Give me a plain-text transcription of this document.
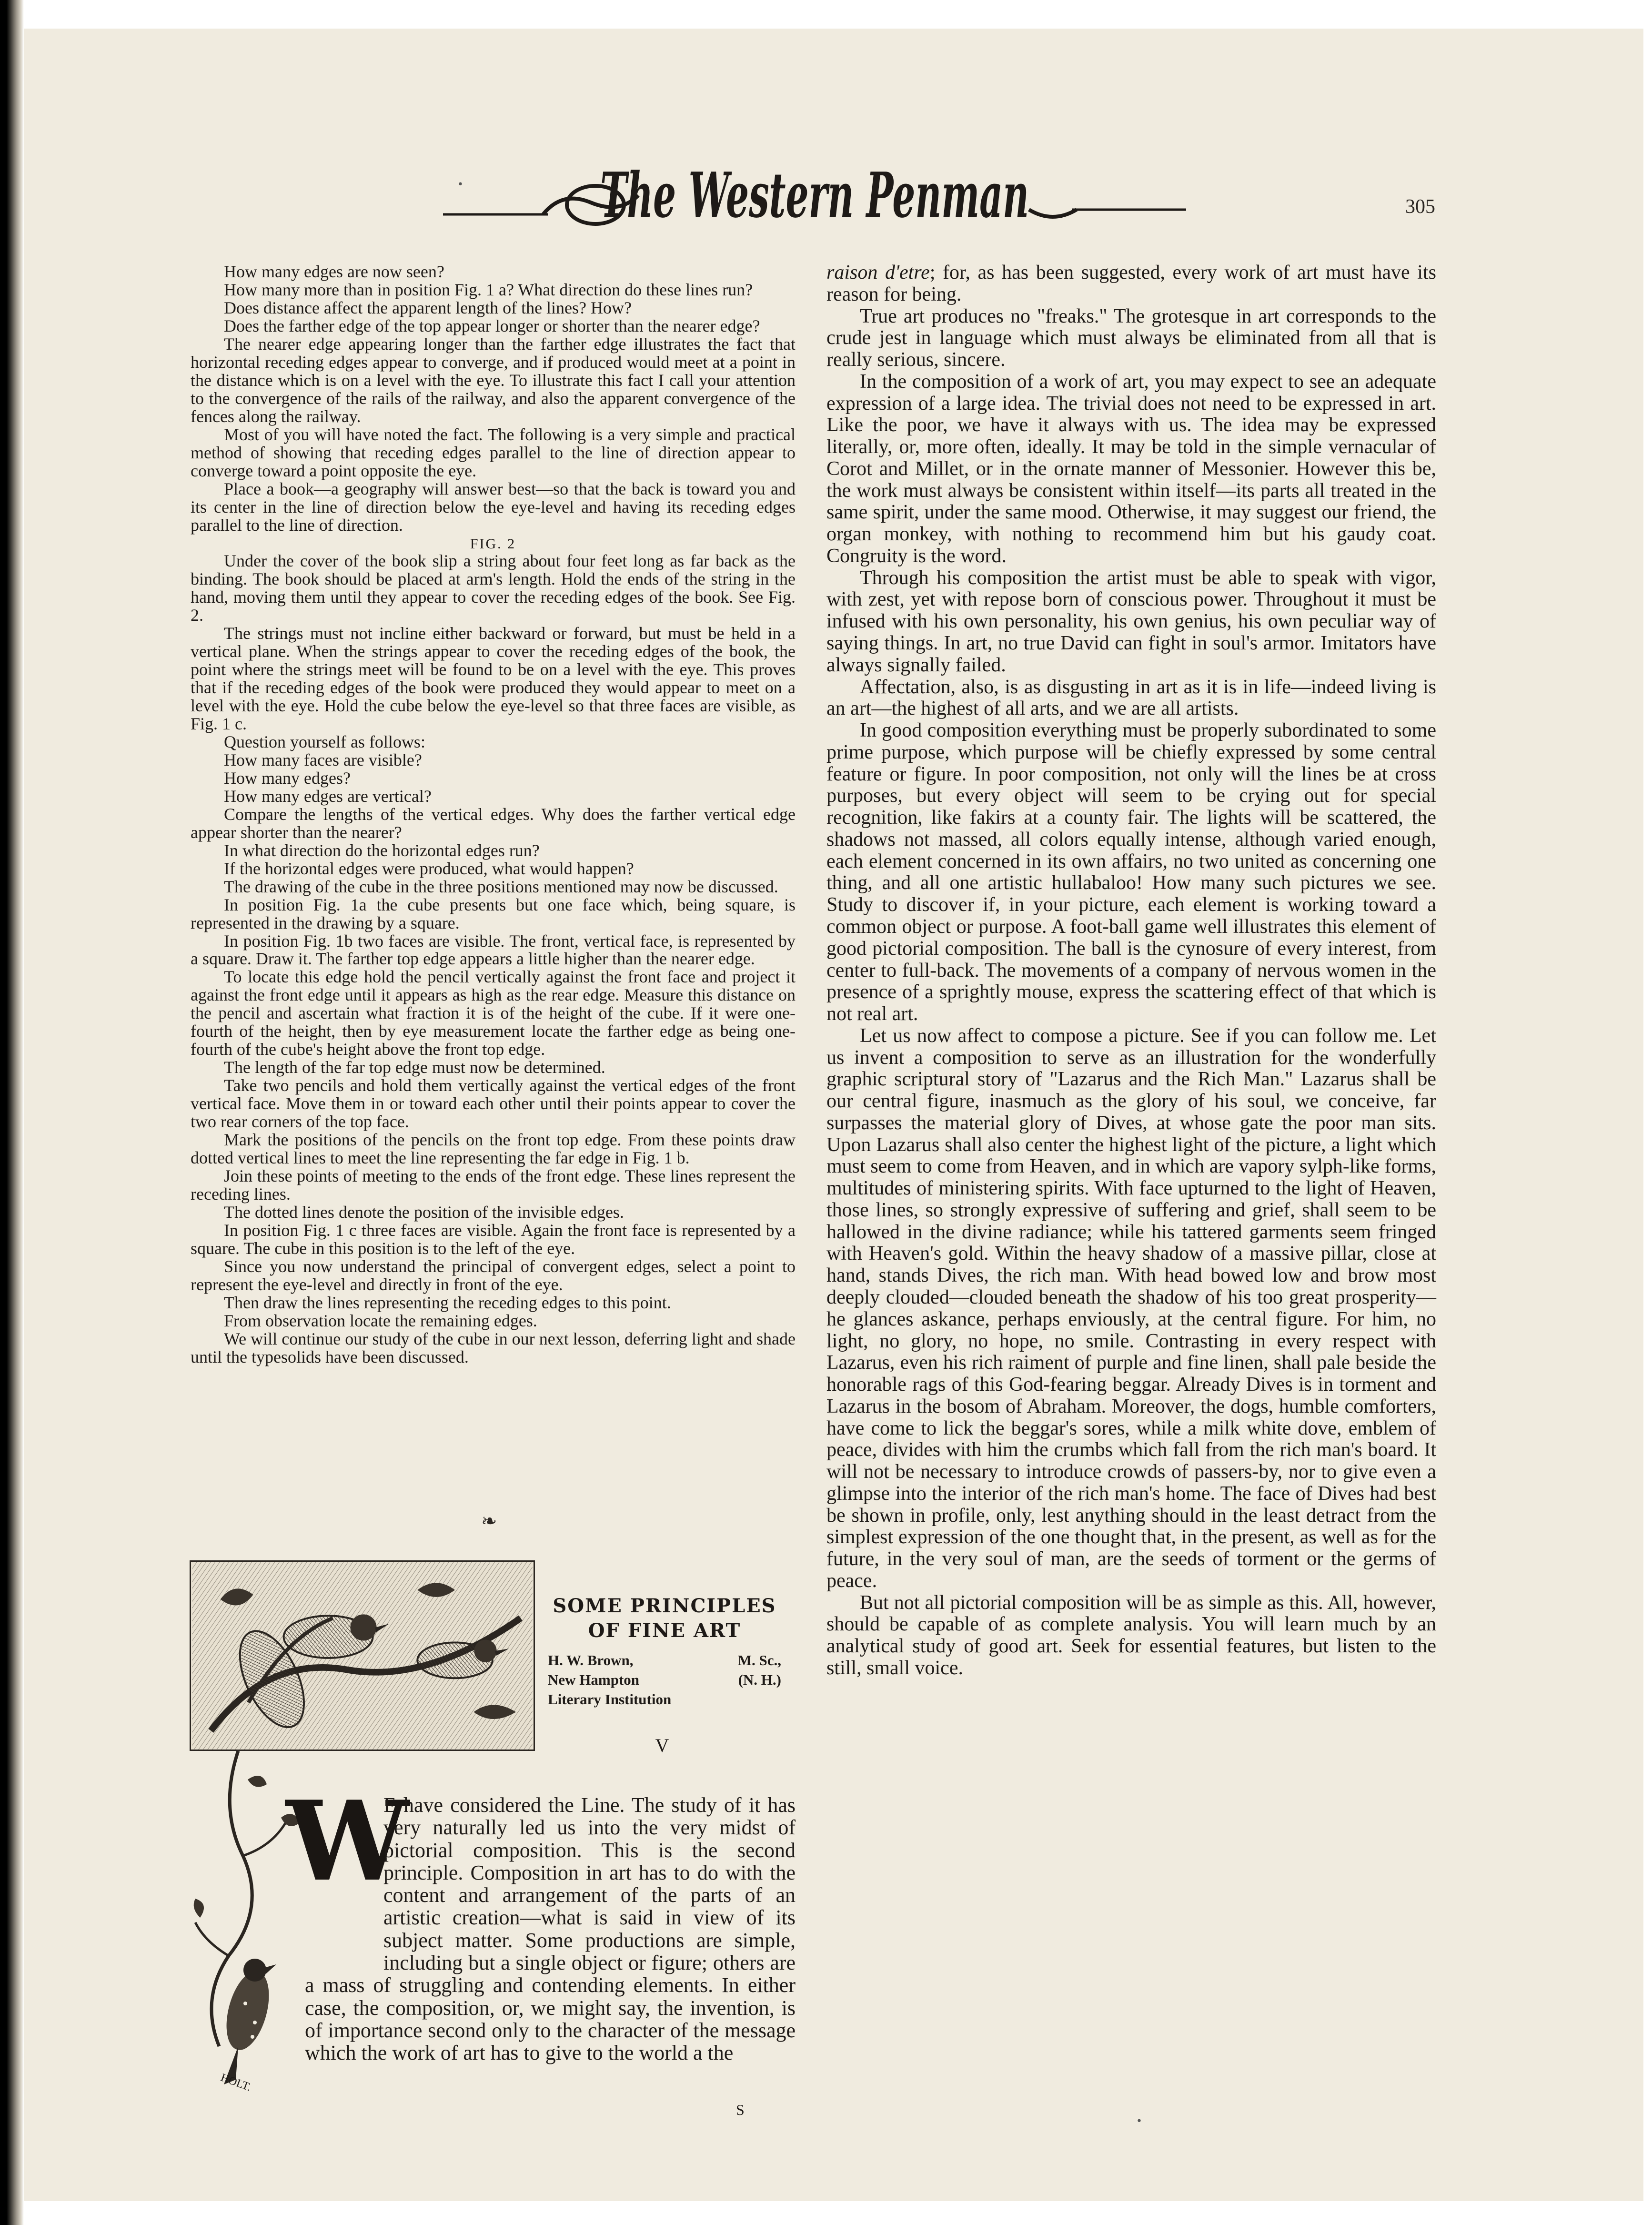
The Western Penman	305

How many edges are now seen?

How many more than in position Fig. 1 a? What direction do these lines run?

Does distance affect the apparent length of the lines? How?

Does the farther edge of the top appear longer or shorter than the nearer edge?

The nearer edge appearing longer than the farther edge illustrates the fact that horizontal receding edges appear to converge, and if produced would meet at a point in the distance which is on a level with the eye. To illustrate this fact I call your attention to the convergence of the rails of the railway, and also the apparent convergence of the fences along the railway.

Most of you will have noted the fact. The following is a very simple and practical method of showing that receding edges parallel to the line of direction appear to converge toward a point opposite the eye.

Place a book—a geography will answer best—so that the back is toward you and its center in the line of direction below the eye-level and having its receding edges parallel to the line of direction.

FIG. 2

Under the cover of the book slip a string about four feet long as far back as the binding. The book should be placed at arm's length. Hold the ends of the string in the hand, moving them until they appear to cover the receding edges of the book. See Fig. 2.

The strings must not incline either backward or forward, but must be held in a vertical plane. When the strings appear to cover the receding edges of the book, the point where the strings meet will be found to be on a level with the eye. This proves that if the receding edges of the book were produced they would appear to meet on a level with the eye. Hold the cube below the eye-level so that three faces are visible, as Fig. 1 c.

Question yourself as follows:

How many faces are visible?

How many edges?

How many edges are vertical?

Compare the lengths of the vertical edges. Why does the farther vertical edge appear shorter than the nearer?

In what direction do the horizontal edges run?

If the horizontal edges were produced, what would happen?

The drawing of the cube in the three positions mentioned may now be discussed.

In position Fig. 1a the cube presents but one face which, being square, is represented in the drawing by a square.

In position Fig. 1b two faces are visible. The front, vertical face, is represented by a square. Draw it. The farther top edge appears a little higher than the nearer edge.

To locate this edge hold the pencil vertically against the front face and project it against the front edge until it appears as high as the rear edge. Measure this distance on the pencil and ascertain what fraction it is of the height of the cube. If it were one-fourth of the height, then by eye measurement locate the farther edge as being one-fourth of the cube's height above the front top edge.

The length of the far top edge must now be determined.

Take two pencils and hold them vertically against the vertical edges of the front vertical face. Move them in or toward each other until their points appear to cover the two rear corners of the top face.

Mark the positions of the pencils on the front top edge. From these points draw dotted vertical lines to meet the line representing the far edge in Fig. 1 b.

Join these points of meeting to the ends of the front edge. These lines represent the receding lines.

The dotted lines denote the position of the invisible edges.

In position Fig. 1 c three faces are visible. Again the front face is represented by a square. The cube in this position is to the left of the eye.

Since you now understand the principal of convergent edges, select a point to represent the eye-level and directly in front of the eye.

Then draw the lines representing the receding edges to this point.

From observation locate the remaining edges.

We will continue our study of the cube in our next lesson, deferring light and shade until the typesolids have been discussed.

❧
HOLT.
SOME PRINCIPLES
OF FINE ART
H. W. Brown,	M. Sc.,
New Hampton	(N. H.)
Literary Institution
V
W

E have considered the Line. The study of it has very naturally led us into the very midst of pictorial composition. This is the second principle. Composition in art has to do with the content and arrangement of the parts of an artistic creation—what is said in view of its subject matter. Some productions are simple, including but a single object or figure; others are a mass of struggling and contending elements. In either case, the composition, or, we might say, the invention, is of importance second only to the character of the message which the work of art has to give to the world a the

S

raison d'etre; for, as has been suggested, every work of art must have its reason for being.

True art produces no "freaks." The grotesque in art corresponds to the crude jest in language which must always be eliminated from all that is really serious, sincere.

In the composition of a work of art, you may expect to see an adequate expression of a large idea. The trivial does not need to be expressed in art. Like the poor, we have it always with us. The idea may be expressed literally, or, more often, ideally. It may be told in the simple vernacular of Corot and Millet, or in the ornate manner of Messonier. However this be, the work must always be consistent within itself—its parts all treated in the same spirit, under the same mood. Otherwise, it may suggest our friend, the organ monkey, with nothing to recommend him but his gaudy coat. Congruity is the word.

Through his composition the artist must be able to speak with vigor, with zest, yet with repose born of conscious power. Throughout it must be infused with his own personality, his own genius, his own peculiar way of saying things. In art, no true David can fight in soul's armor. Imitators have always signally failed.

Affectation, also, is as disgusting in art as it is in life—indeed living is an art—the highest of all arts, and we are all artists.

In good composition everything must be properly subordinated to some prime purpose, which purpose will be chiefly expressed by some central feature or figure. In poor composition, not only will the lines be at cross purposes, but every object will seem to be crying out for special recognition, like fakirs at a county fair. The lights will be scattered, the shadows not massed, all colors equally intense, although varied enough, each element concerned in its own affairs, no two united as concerning one thing, and all one artistic hullabaloo! How many such pictures we see. Study to discover if, in your picture, each element is working toward a common object or purpose. A foot-ball game well illustrates this element of good pictorial composition. The ball is the cynosure of every interest, from center to full-back. The movements of a company of nervous women in the presence of a sprightly mouse, express the scattering effect of that which is not real art.

Let us now affect to compose a picture. See if you can follow me. Let us invent a composition to serve as an illustration for the wonderfully graphic scriptural story of "Lazarus and the Rich Man." Lazarus shall be our central figure, inasmuch as the glory of his soul, we conceive, far surpasses the material glory of Dives, at whose gate the poor man sits. Upon Lazarus shall also center the highest light of the picture, a light which must seem to come from Heaven, and in which are vapory sylph-like forms, multitudes of ministering spirits. With face upturned to the light of Heaven, those lines, so strongly expressive of suffering and grief, shall seem to be hallowed in the divine radiance; while his tattered garments seem fringed with Heaven's gold. Within the heavy shadow of a massive pillar, close at hand, stands Dives, the rich man. With head bowed low and brow most deeply clouded—clouded beneath the shadow of his too great prosperity—he glances askance, perhaps enviously, at the central figure. For him, no light, no glory, no hope, no smile. Contrasting in every respect with Lazarus, even his rich raiment of purple and fine linen, shall pale beside the honorable rags of this God-fearing beggar. Already Dives is in torment and Lazarus in the bosom of Abraham. Moreover, the dogs, humble comforters, have come to lick the beggar's sores, while a milk white dove, emblem of peace, divides with him the crumbs which fall from the rich man's board. It will not be necessary to introduce crowds of passers-by, nor to give even a glimpse into the interior of the rich man's home. The face of Dives had best be shown in profile, only, lest anything should in the least detract from the simplest expression of the one thought that, in the present, as well as for the future, in the very soul of man, are the seeds of torment or the germs of peace.

But not all pictorial composition will be as simple as this. All, however, should be capable of as complete analysis. You will learn much by an analytical study of good art. Seek for essential features, but listen to the still, small voice.

•
•
